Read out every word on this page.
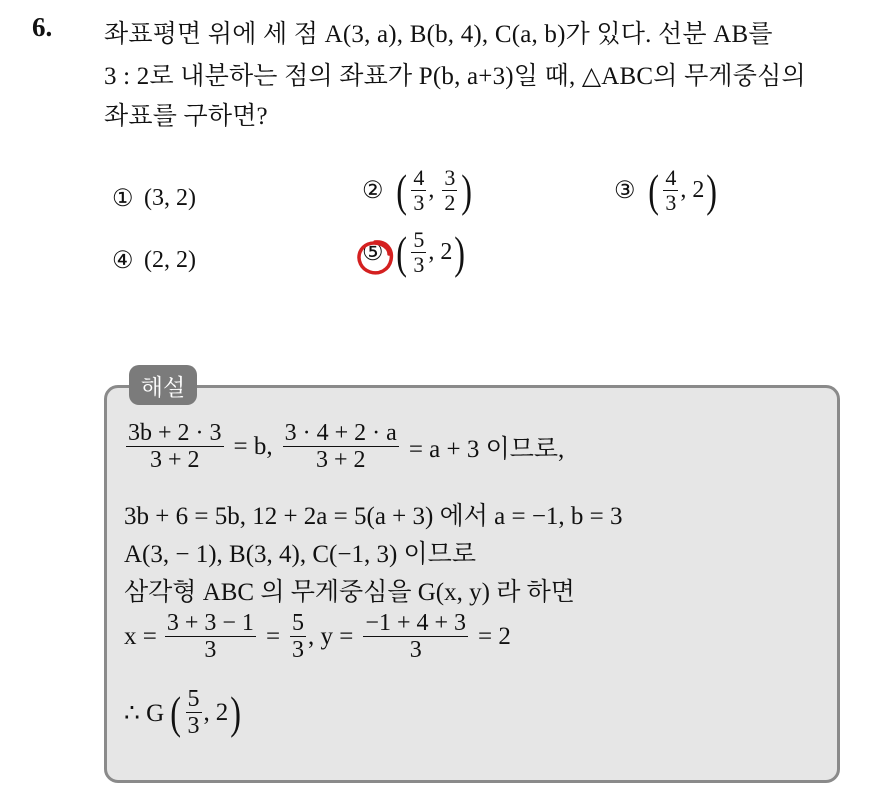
6. 좌표평면 위에 세 점 A(3, a), B(b, 4), C(a, b)가 있다. 선분 AB를
3 : 2로 내분하는 점의 좌표가 P(b, a+3)일 때, △ABC의 무게중심의
좌표를 구하면?
① (3, 2)	② ( $\frac{4}{3}$ , $\frac{3}{2}$ )	③ ( $\frac{4}{3}$ , 2 )
④ (2, 2)	⑤ ( $\frac{5}{3}$ , 2 )
해설
$\frac{3b + 2 \cdot 3}{3 + 2} = b$, $\frac{3 \cdot 4 + 2 \cdot a}{3 + 2} = a + 3$ 이므로,
3b + 6 = 5b, 12 + 2a = 5(a + 3) 에서 a = −1, b = 3
A(3, − 1), B(3, 4), C(−1, 3) 이므로
삼각형 ABC 의 무게중심을 G(x, y) 라 하면
$x = \frac{3 + 3 - 1}{3} = \frac{5}{3}$ , $y = \frac{-1 + 4 + 3}{3} = 2$
∴ G ( $\frac{5}{3}$ , 2 )
